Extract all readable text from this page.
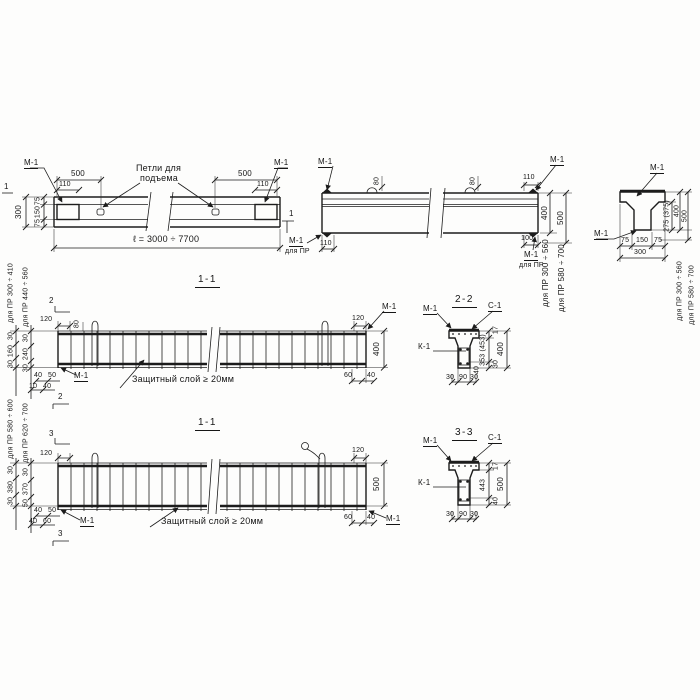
1
М-1
500
Петли для
подъема	500
М-1
110	110
1
75
150
75
300
ℓ = 3000 ÷ 7700
М-1	М-1
80	80	110
М-1
для ПР
110
100
М-1
для ПР
400 500
для ПР 300 ÷ 560 для ПР 580 ÷ 700
М-1
М-1
75 150 75
300
275 (375) 400 500
для ПР 300 ÷ 560 для ПР 580 ÷ 700
1-1
2
2
для ПР 300 ÷ 410 для ПР 440 ÷ 560
30
160
30
30
240
30
40 50
10 40
120
80
120
М-1
400
60 40
М-1	Защитный слой ≥ 20мм
1-1
3
3
для ПР 580 ÷ 600 для ПР 620 ÷ 700
30
380
30
30
370
50
40 50
40 60
120	120
М-1
500
60 40
М-1	Защитный слой ≥ 20мм
2-2
М-1	С-1
К-1
17
353 (453) 30
40
400
30 90 30
3-3
М-1	С-1
К-1
17
443
40
500
30 90 30
